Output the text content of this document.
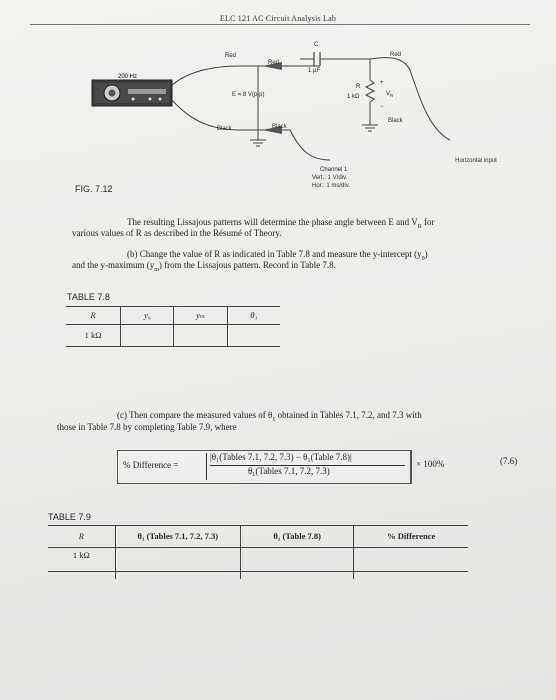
ELC 121 AC Circuit Analysis Lab
200 Hz
Red
Red
Red
Black	Black
Black
E = 8 V(p-p)
C
1 μF
R
1 kΩ
+
−
$V_R$
Channel 1
Vert.: 1 V/div.
Hor.: 1 ms/div.
Horizontal input
FIG. 7.12
The resulting Lissajous patterns will determine the phase angle between E and $V_R$ for
various values of R as described in the Résumé of Theory.
(b) Change the value of R as indicated in Table 7.8 and measure the y-intercept $(y_0)$
and the y-maximum $(y_m)$ from the Lissajous pattern. Record in Table 7.8.
TABLE 7.8
R	y₀	yₘ	θ₁
1 kΩ			
(c) Then compare the measured values of $\theta_1$ obtained in Tables 7.1, 7.2, and 7.3 with
those in Table 7.8 by completing Table 7.9, where
% Difference =
|θ₁(Tables 7.1, 7.2, 7.3) − θ₁(Table 7.8)|
θ₁(Tables 7.1, 7.2, 7.3)
× 100%	(7.6)
TABLE 7.9
R	θ₁ (Tables 7.1, 7.2, 7.3)	θ₁ (Table 7.8)	% Difference
1 kΩ			
